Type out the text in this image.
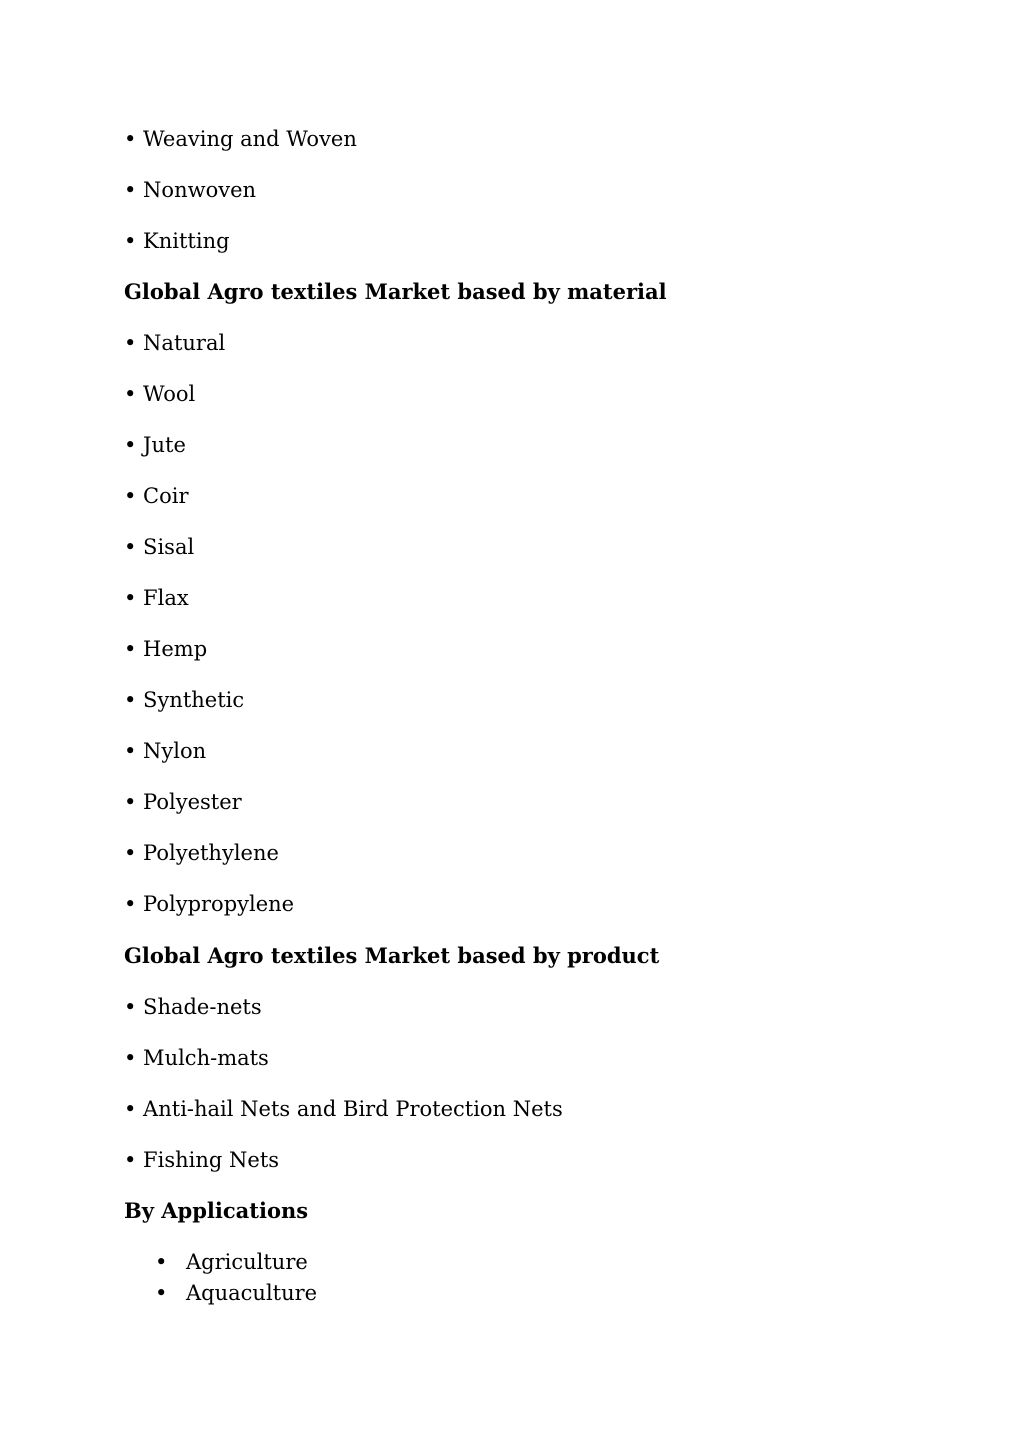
• Weaving and Woven
• Nonwoven
• Knitting
Global Agro textiles Market based by material
• Natural
• Wool
• Jute
• Coir
• Sisal
• Flax
• Hemp
• Synthetic
• Nylon
• Polyester
• Polyethylene
• Polypropylene
Global Agro textiles Market based by product
• Shade-nets
• Mulch-mats
• Anti-hail Nets and Bird Protection Nets
• Fishing Nets
By Applications
• Agriculture
• Aquaculture
